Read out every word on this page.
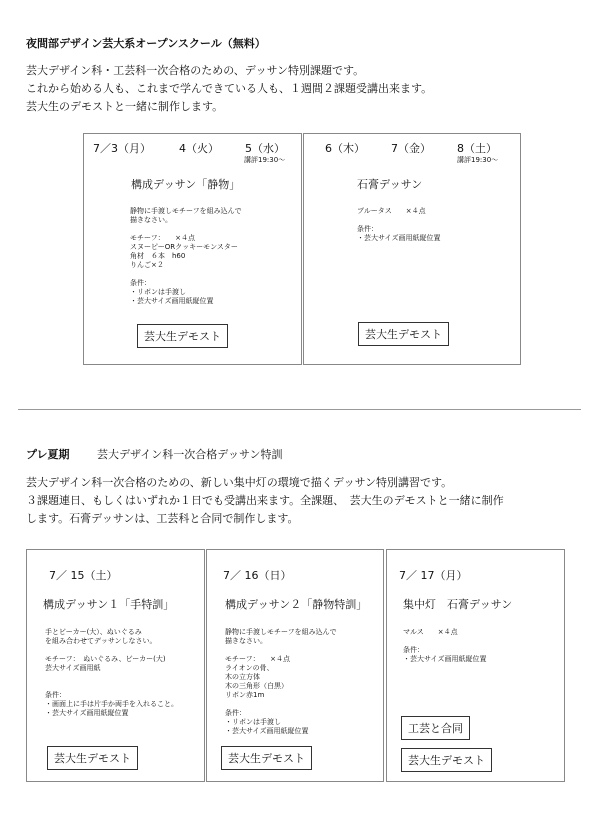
夜間部デザイン芸大系オープンスクール（無料）
芸大デザイン科・工芸科一次合格のための、デッサン特別課題です。
これから始める人も、これまで学んできている人も、１週間２課題受講出来ます。
芸大生のデモストと一緒に制作します。
7／3（月）	4（火） 5（水）
講評19:30〜
構成デッサン「静物」
静物に手渡しモチーフを組み込んで
描きなさい。
モチーフ：　　×４点
スヌーピーORクッキーモンスター
角材　６本　h60
りんご×２
条件：
・リボンは手渡し
・芸大サイズ画用紙縦位置
芸大生デモスト
6（木） 7（金） 8（土）
講評19:30〜
石膏デッサン
ブルータス　　×４点
条件：
・芸大サイズ画用紙縦位置
芸大生デモスト
プレ夏期 芸大デザイン科一次合格デッサン特訓
芸大デザイン科一次合格のための、新しい集中灯の環境で描くデッサン特別講習です。
３課題連日、もしくはいずれか１日でも受講出来ます。全課題、　芸大生のデモストと一緒に制作
します。石膏デッサンは、工芸科と合同で制作します。
7／ 15（土）
構成デッサン１「手特訓」
手とビーカー(大）、ぬいぐるみ
を組み合わせてデッサンしなさい。
モチーフ：　ぬいぐるみ、ビーカー(大)
芸大サイズ画用紙
条件：
・画面上に手は片手か両手を入れること。
・芸大サイズ画用紙縦位置
芸大生デモスト
7／ 16（日）
構成デッサン２「静物特訓」
静物に手渡しモチーフを組み込んで
描きなさい。
モチーフ：　　×４点
ライオンの骨、
木の立方体
木の三角形（白黒）
リボン赤1m
条件：
・リボンは手渡し
・芸大サイズ画用紙縦位置
芸大生デモスト
7／ 17（月）
集中灯　石膏デッサン
マルス　　×４点
条件：
・芸大サイズ画用紙縦位置
工芸と合同
芸大生デモスト
